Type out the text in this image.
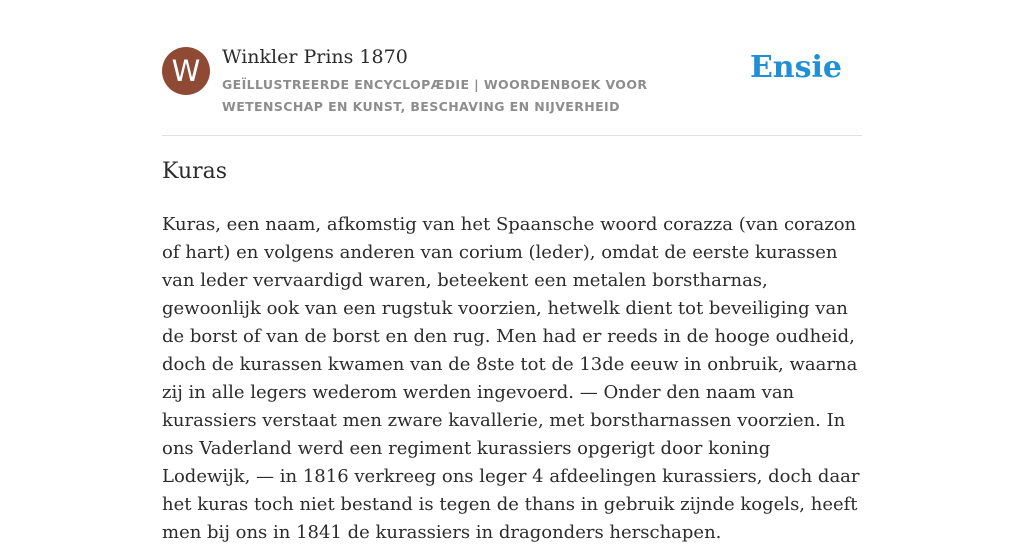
W	Winkler Prins 1870
GEÏLLUSTREERDE ENCYCLOPÆDIE | WOORDENBOEK VOOR WETENSCHAP EN KUNST, BESCHAVING EN NIJVERHEID
Ensie
Kuras

Kuras, een naam, afkomstig van het Spaansche woord corazza (van corazon of hart) en volgens anderen van corium (leder), omdat de eerste kurassen van leder vervaardigd waren, beteekent een metalen borstharnas, gewoonlijk ook van een rugstuk voorzien, hetwelk dient tot beveiliging van de borst of van de borst en den rug. Men had er reeds in de hooge oudheid, doch de kurassen kwamen van de 8ste tot de 13de eeuw in onbruik, waarna zij in alle legers wederom werden ingevoerd. — Onder den naam van kurassiers verstaat men zware kavallerie, met borstharnassen voorzien. In ons Vaderland werd een regiment kurassiers opgerigt door koning Lodewijk, — in 1816 verkreeg ons leger 4 afdeelingen kurassiers, doch daar het kuras toch niet bestand is tegen de thans in gebruik zijnde kogels, heeft men bij ons in 1841 de kurassiers in dragonders herschapen.
